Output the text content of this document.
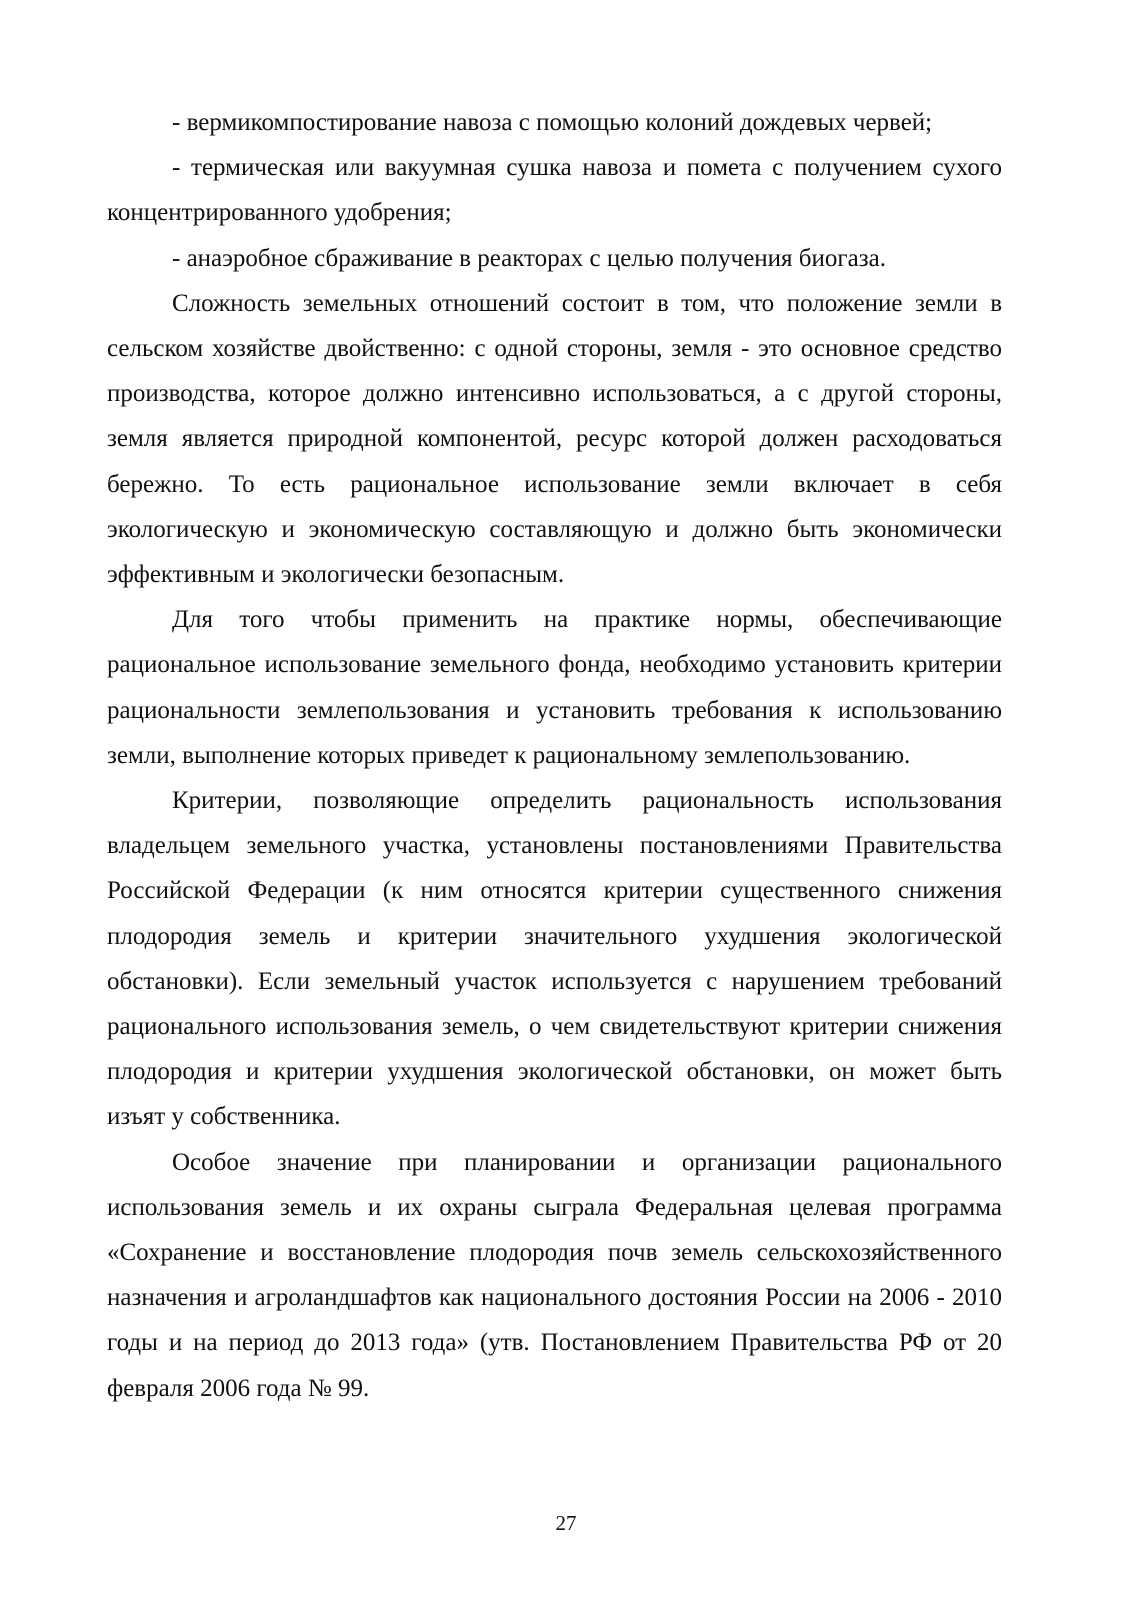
- вермикомпостирование навоза с помощью колоний дождевых червей;

- термическая или вакуумная сушка навоза и помета с получением сухого концентрированного удобрения;

- анаэробное сбраживание в реакторах с целью получения биогаза.

Сложность земельных отношений состоит в том, что положение земли в сельском хозяйстве двойственно: с одной стороны, земля - это основное средство производства, которое должно интенсивно использоваться, а с другой стороны, земля является природной компонентой, ресурс которой должен расходоваться бережно. То есть рациональное использование земли включает в себя экологическую и экономическую составляющую и должно быть экономически эффективным и экологически безопасным.

Для того чтобы применить на практике нормы, обеспечивающие рациональное использование земельного фонда, необходимо установить критерии рациональности землепользования и установить требования к использованию земли, выполнение которых приведет к рациональному землепользованию.

Критерии, позволяющие определить рациональность использования владельцем земельного участка, установлены постановлениями Правительства Российской Федерации (к ним относятся критерии существенного снижения плодородия земель и критерии значительного ухудшения экологической обстановки). Если земельный участок используется с нарушением требований рационального использования земель, о чем свидетельствуют критерии снижения плодородия и критерии ухудшения экологической обстановки, он может быть изъят у собственника.

Особое значение при планировании и организации рационального использования земель и их охраны сыграла Федеральная целевая программа «Сохранение и восстановление плодородия почв земель сельскохозяйственного назначения и агроландшафтов как национального достояния России на 2006 - 2010 годы и на период до 2013 года» (утв. Постановлением Правительства РФ от 20 февраля 2006 года № 99.

27
